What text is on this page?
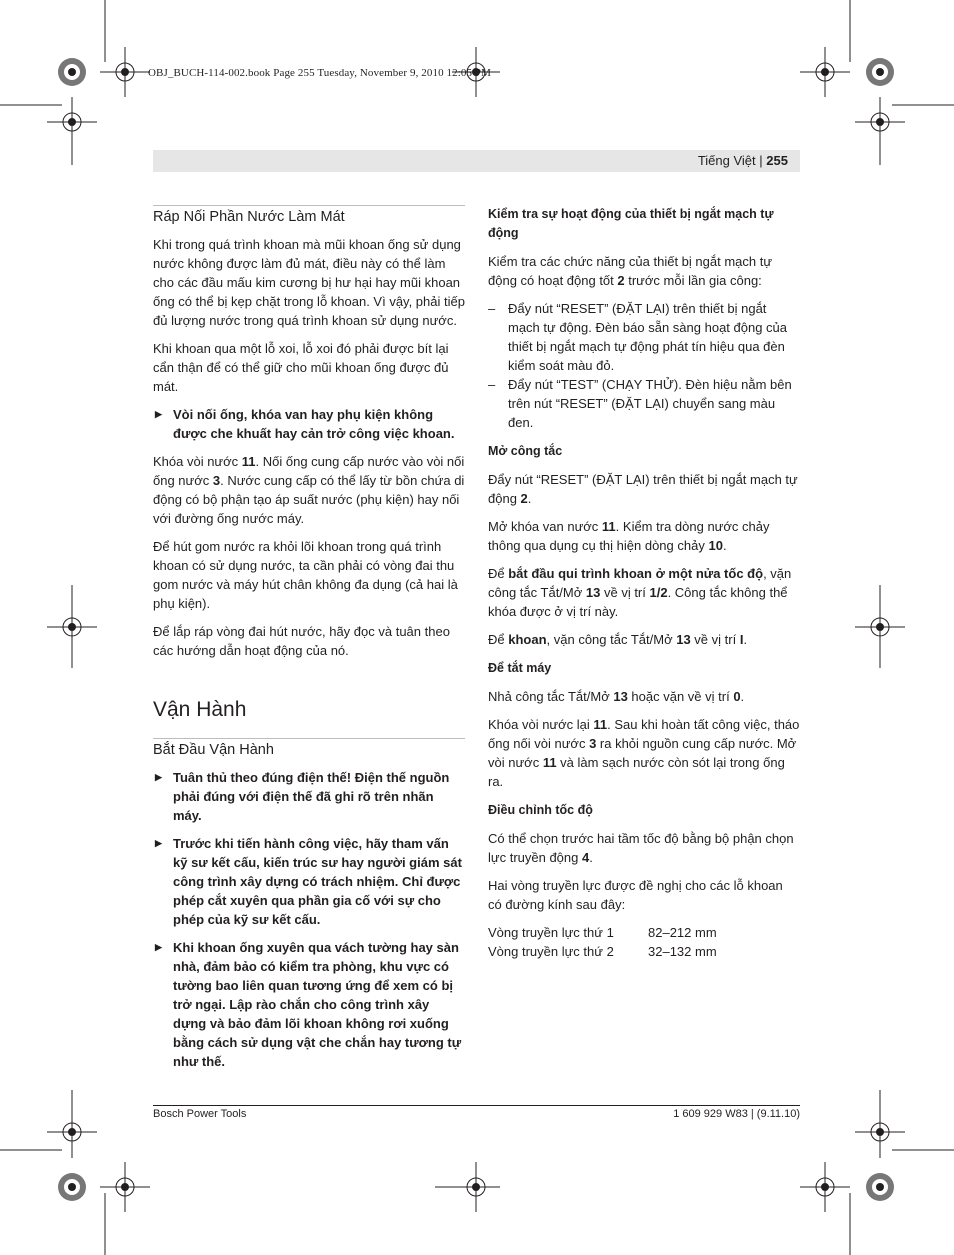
OBJ_BUCH-114-002.book Page 255 Tuesday, November 9, 2010 12:05 PM
Tiếng Việt | 255
Ráp Nối Phần Nước Làm Mát

Khi trong quá trình khoan mà mũi khoan ống sử dụng nước không được làm đủ mát, điều này có thể làm cho các đầu mấu kim cương bị hư hại hay mũi khoan ống có thể bị kẹp chặt trong lỗ khoan. Vì vậy, phải tiếp đủ lượng nước trong quá trình khoan sử dụng nước.

Khi khoan qua một lỗ xoi, lỗ xoi đó phải được bít lại cẩn thận để có thể giữ cho mũi khoan ống được đủ mát.

▶ Vòi nối ống, khóa van hay phụ kiện không được che khuất hay cản trở công việc khoan.

Khóa vòi nước 11. Nối ống cung cấp nước vào vòi nối ống nước 3. Nước cung cấp có thể lấy từ bồn chứa di động có bộ phận tạo áp suất nước (phụ kiện) hay nối với đường ống nước máy.

Để hút gom nước ra khỏi lõi khoan trong quá trình khoan có sử dụng nước, ta cần phải có vòng đai thu gom nước và máy hút chân không đa dụng (cả hai là phụ kiện).

Để lắp ráp vòng đai hút nước, hãy đọc và tuân theo các hướng dẫn hoạt động của nó.

Vận Hành
Bắt Đầu Vận Hành
▶ Tuân thủ theo đúng điện thế! Điện thế nguồn phải đúng với điện thế đã ghi rõ trên nhãn máy.
▶ Trước khi tiến hành công việc, hãy tham vấn kỹ sư kết cấu, kiến trúc sư hay người giám sát công trình xây dựng có trách nhiệm. Chỉ được phép cắt xuyên qua phần gia cố với sự cho phép của kỹ sư kết cấu.
▶ Khi khoan ống xuyên qua vách tường hay sàn nhà, đảm bảo có kiểm tra phòng, khu vực có tường bao liên quan tương ứng để xem có bị trở ngại. Lập rào chắn cho công trình xây dựng và bảo đảm lõi khoan không rơi xuống bằng cách sử dụng vật che chắn hay tương tự như thế.
Kiểm tra sự hoạt động của thiết bị ngắt mạch tự động

Kiểm tra các chức năng của thiết bị ngắt mạch tự động có hoạt động tốt 2 trước mỗi lần gia công:

– Đẩy nút “RESET” (ĐẶT LẠI) trên thiết bị ngắt mạch tự động. Đèn báo sẵn sàng hoạt động của thiết bị ngắt mạch tự động phát tín hiệu qua đèn kiểm soát màu đỏ.
– Đẩy nút “TEST” (CHẠY THỬ). Đèn hiệu nằm bên trên nút “RESET” (ĐẶT LẠI) chuyển sang màu đen.
Mở công tắc

Đẩy nút “RESET” (ĐẶT LẠI) trên thiết bị ngắt mạch tự động 2.

Mở khóa van nước 11. Kiểm tra dòng nước chảy thông qua dụng cụ thị hiện dòng chảy 10.

Để bắt đầu qui trình khoan ở một nửa tốc độ, vặn công tắc Tắt/Mở 13 về vị trí 1/2. Công tắc không thể khóa được ở vị trí này.

Để khoan, vặn công tắc Tắt/Mở 13 về vị trí I.

Để tắt máy

Nhả công tắc Tắt/Mở 13 hoặc vặn về vị trí 0.

Khóa vòi nước lại 11. Sau khi hoàn tất công việc, tháo ống nối vòi nước 3 ra khỏi nguồn cung cấp nước. Mở vòi nước 11 và làm sạch nước còn sót lại trong ống ra.

Điều chỉnh tốc độ

Có thể chọn trước hai tầm tốc độ bằng bộ phận chọn lực truyền động 4.

Hai vòng truyền lực được đề nghị cho các lỗ khoan có đường kính sau đây:

Vòng truyền lực thứ 1	82–212 mm
Vòng truyền lực thứ 2	32–132 mm
Bosch Power Tools	1 609 929 W83 | (9.11.10)
